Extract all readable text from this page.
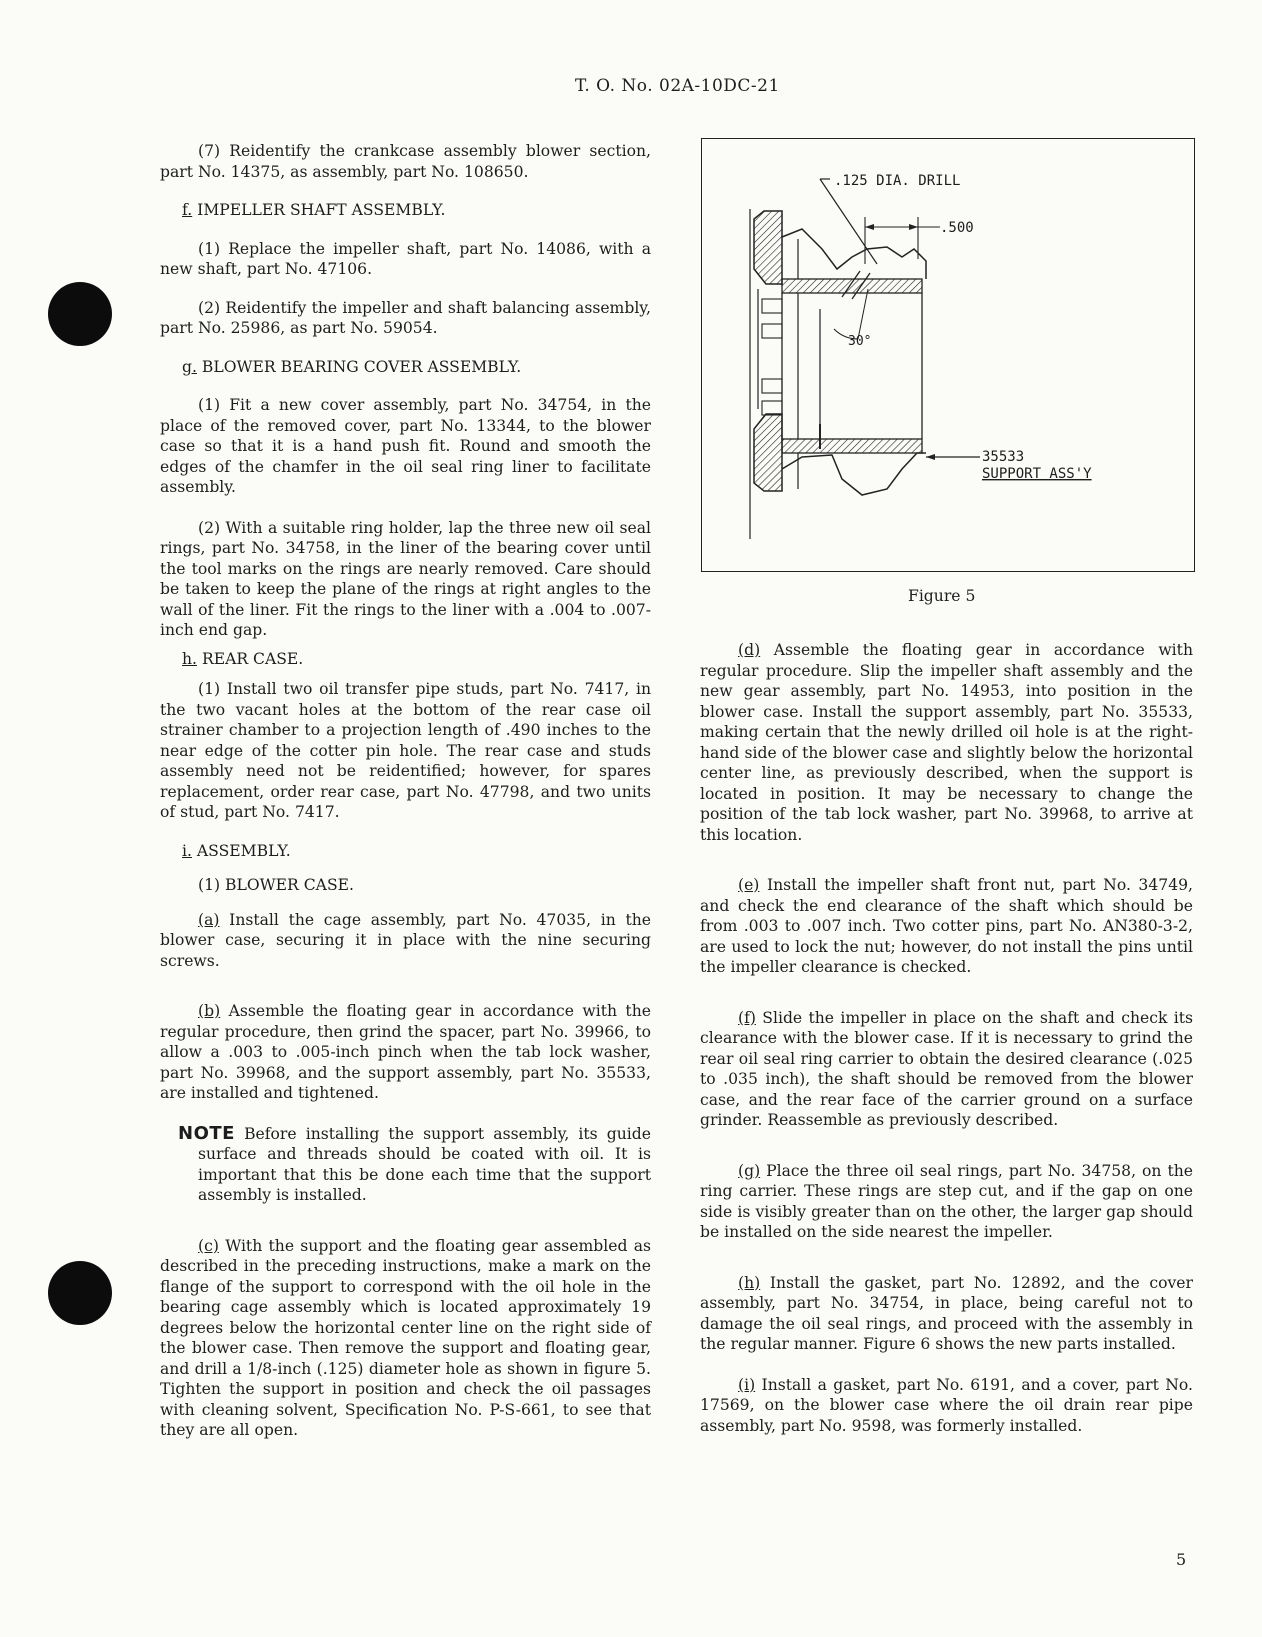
T. O. No. 02A-10DC-21

(7) Reidentify the crankcase assembly blower section, part No. 14375, as assembly, part No. 108650.

f. IMPELLER SHAFT ASSEMBLY.

(1) Replace the impeller shaft, part No. 14086, with a new shaft, part No. 47106.

(2) Reidentify the impeller and shaft balancing assembly, part No. 25986, as part No. 59054.

g. BLOWER BEARING COVER ASSEMBLY.

(1) Fit a new cover assembly, part No. 34754, in the place of the removed cover, part No. 13344, to the blower case so that it is a hand push fit. Round and smooth the edges of the chamfer in the oil seal ring liner to facilitate assembly.

(2) With a suitable ring holder, lap the three new oil seal rings, part No. 34758, in the liner of the bearing cover until the tool marks on the rings are nearly removed. Care should be taken to keep the plane of the rings at right angles to the wall of the liner. Fit the rings to the liner with a .004 to .007-inch end gap.

h. REAR CASE.

(1) Install two oil transfer pipe studs, part No. 7417, in the two vacant holes at the bottom of the rear case oil strainer chamber to a projection length of .490 inches to the near edge of the cotter pin hole. The rear case and studs assembly need not be reidentified; however, for spares replacement, order rear case, part No. 47798, and two units of stud, part No. 7417.

i. ASSEMBLY.

(1) BLOWER CASE.

(a) Install the cage assembly, part No. 47035, in the blower case, securing it in place with the nine securing screws.

(b) Assemble the floating gear in accordance with the regular procedure, then grind the spacer, part No. 39966, to allow a .003 to .005-inch pinch when the tab lock washer, part No. 39968, and the support assembly, part No. 35533, are installed and tightened.

NOTE Before installing the support assembly, its guide surface and threads should be coated with oil. It is important that this be done each time that the support assembly is installed.

(c) With the support and the floating gear assembled as described in the preceding instructions, make a mark on the flange of the support to correspond with the oil hole in the bearing cage assembly which is located approximately 19 degrees below the horizontal center line on the right side of the blower case. Then remove the support and floating gear, and drill a 1/8-inch (.125) diameter hole as shown in figure 5. Tighten the support in position and check the oil passages with cleaning solvent, Specification No. P-S-661, to see that they are all open.

.125 DIA. DRILL
.500
30°
35533
SUPPORT ASS'Y
Figure 5

(d) Assemble the floating gear in accordance with regular procedure. Slip the impeller shaft assembly and the new gear assembly, part No. 14953, into position in the blower case. Install the support assembly, part No. 35533, making certain that the newly drilled oil hole is at the right-hand side of the blower case and slightly below the horizontal center line, as previously described, when the support is located in position. It may be necessary to change the position of the tab lock washer, part No. 39968, to arrive at this location.

(e) Install the impeller shaft front nut, part No. 34749, and check the end clearance of the shaft which should be from .003 to .007 inch. Two cotter pins, part No. AN380-3-2, are used to lock the nut; however, do not install the pins until the impeller clearance is checked.

(f) Slide the impeller in place on the shaft and check its clearance with the blower case. If it is necessary to grind the rear oil seal ring carrier to obtain the desired clearance (.025 to .035 inch), the shaft should be removed from the blower case, and the rear face of the carrier ground on a surface grinder. Reassemble as previously described.

(g) Place the three oil seal rings, part No. 34758, on the ring carrier. These rings are step cut, and if the gap on one side is visibly greater than on the other, the larger gap should be installed on the side nearest the impeller.

(h) Install the gasket, part No. 12892, and the cover assembly, part No. 34754, in place, being careful not to damage the oil seal rings, and proceed with the assembly in the regular manner. Figure 6 shows the new parts installed.

(i) Install a gasket, part No. 6191, and a cover, part No. 17569, on the blower case where the oil drain rear pipe assembly, part No. 9598, was formerly installed.

5
